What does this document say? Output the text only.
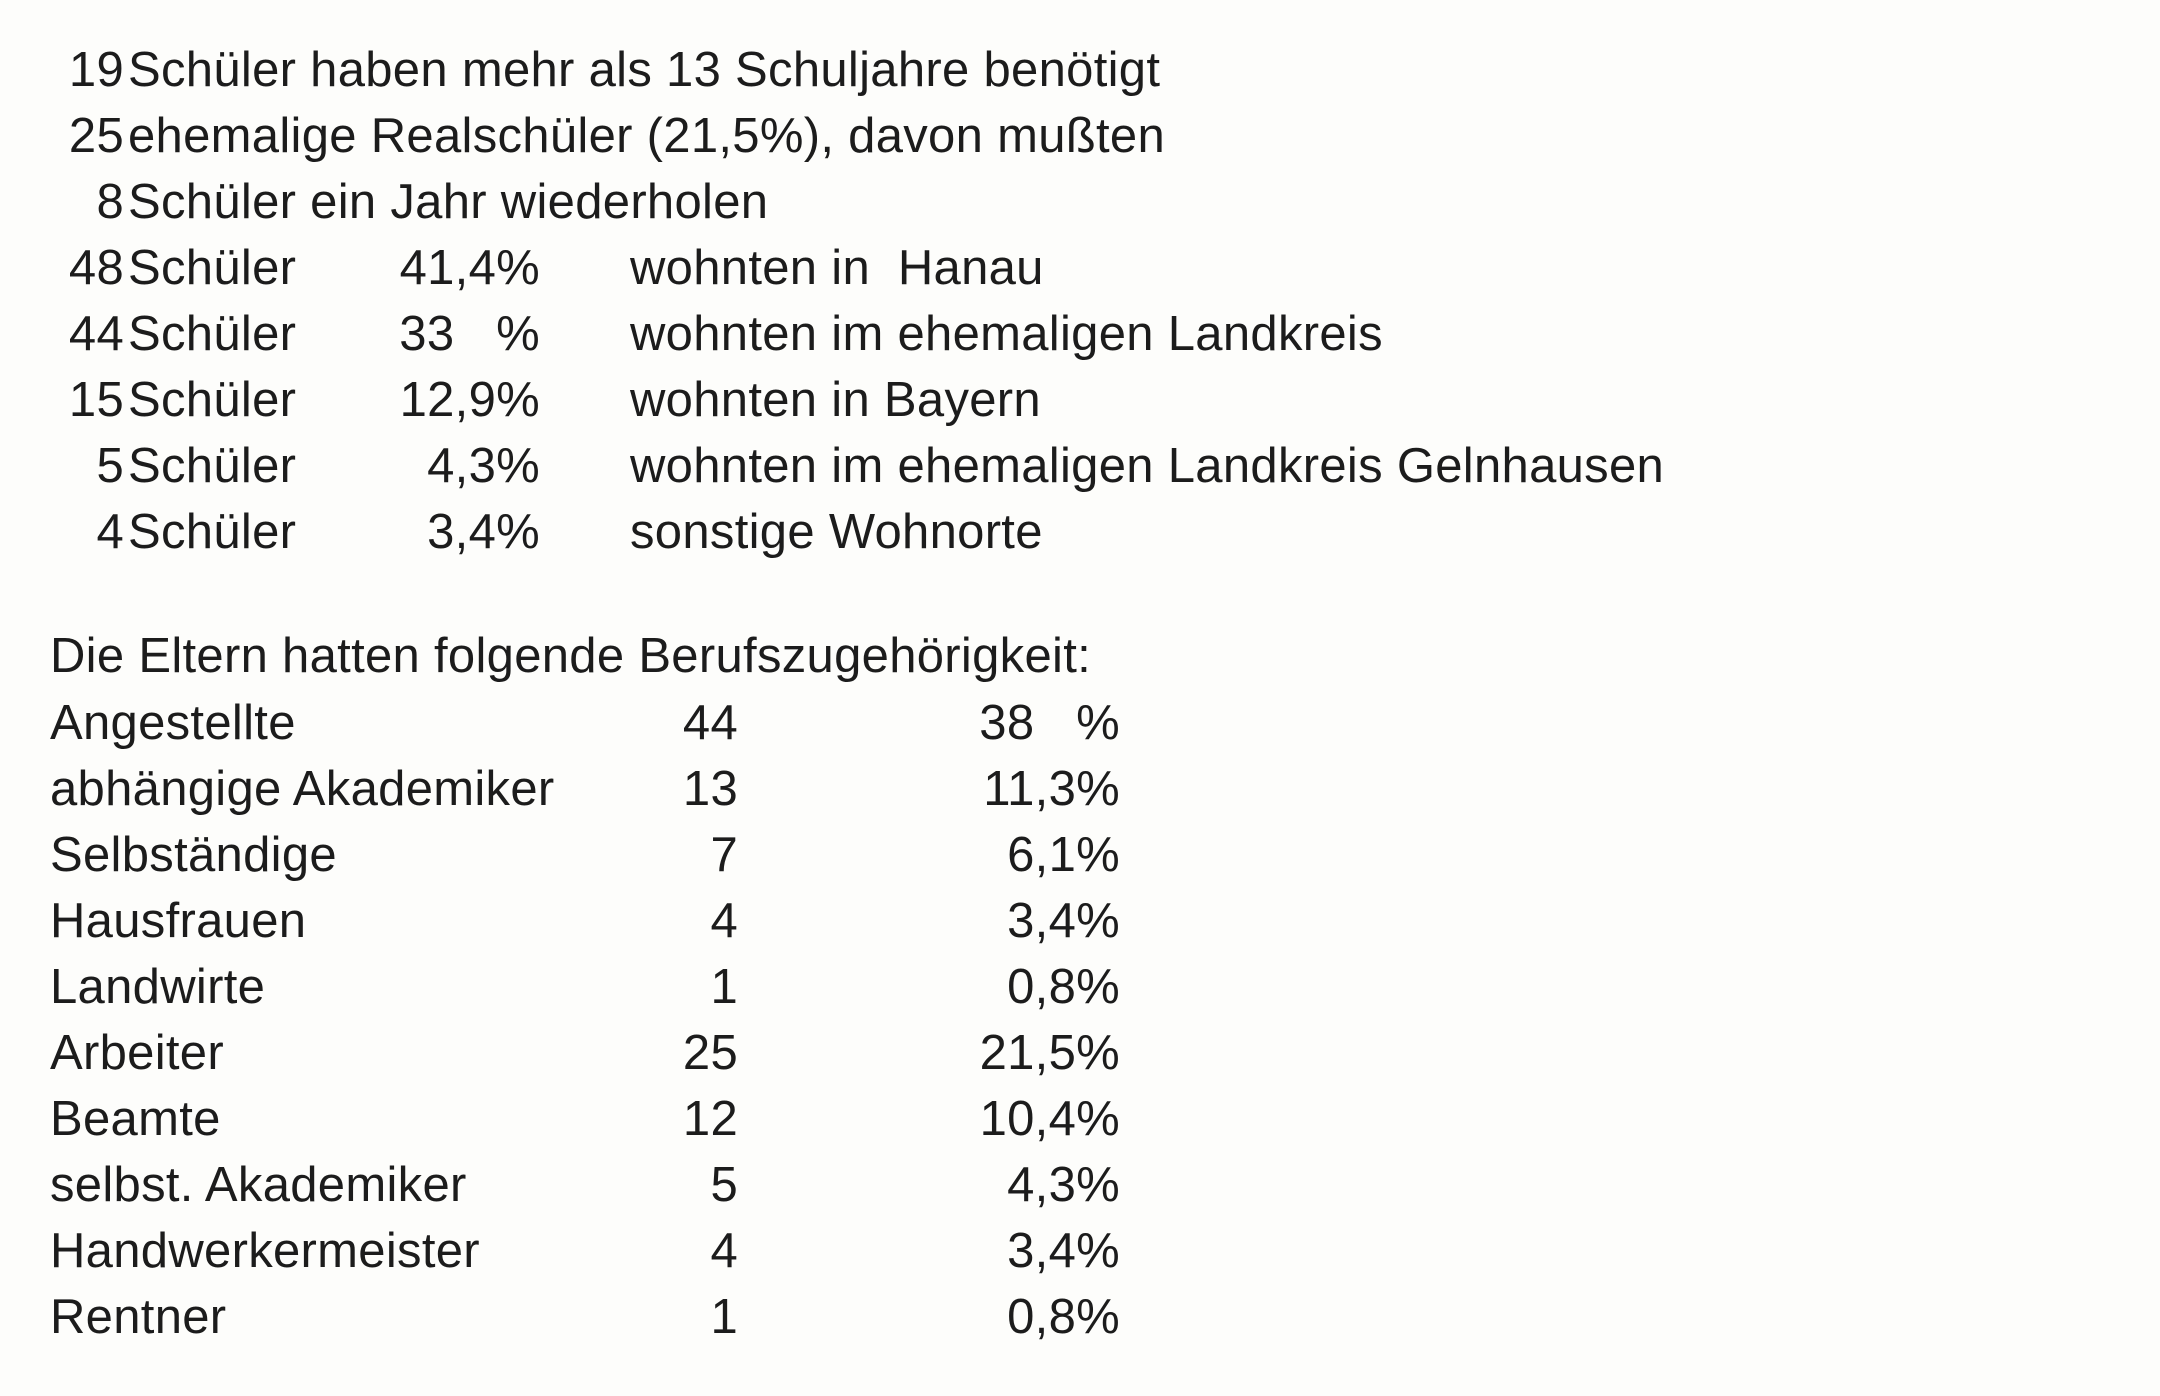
19 Schüler haben mehr als 13 Schuljahre benötigt
25 ehemalige Realschüler (21,5%), davon mußten
8 Schüler ein Jahr wiederholen
48 Schüler	41,4% wohnten in  Hanau
44 Schüler	33   % wohnten im ehemaligen Landkreis
15 Schüler	12,9% wohnten in Bayern
5 Schüler	4,3% wohnten im ehemaligen Landkreis Gelnhausen
4 Schüler	3,4% sonstige Wohnorte
Die Eltern hatten folgende Berufszugehörigkeit:
Angestellte	44	38   %
abhängige Akademiker	13	11,3%
Selbständige	7	6,1%
Hausfrauen	4	3,4%
Landwirte	1	0,8%
Arbeiter	25	21,5%
Beamte	12	10,4%
selbst. Akademiker	5	4,3%
Handwerkermeister	4	3,4%
Rentner	1	0,8%
